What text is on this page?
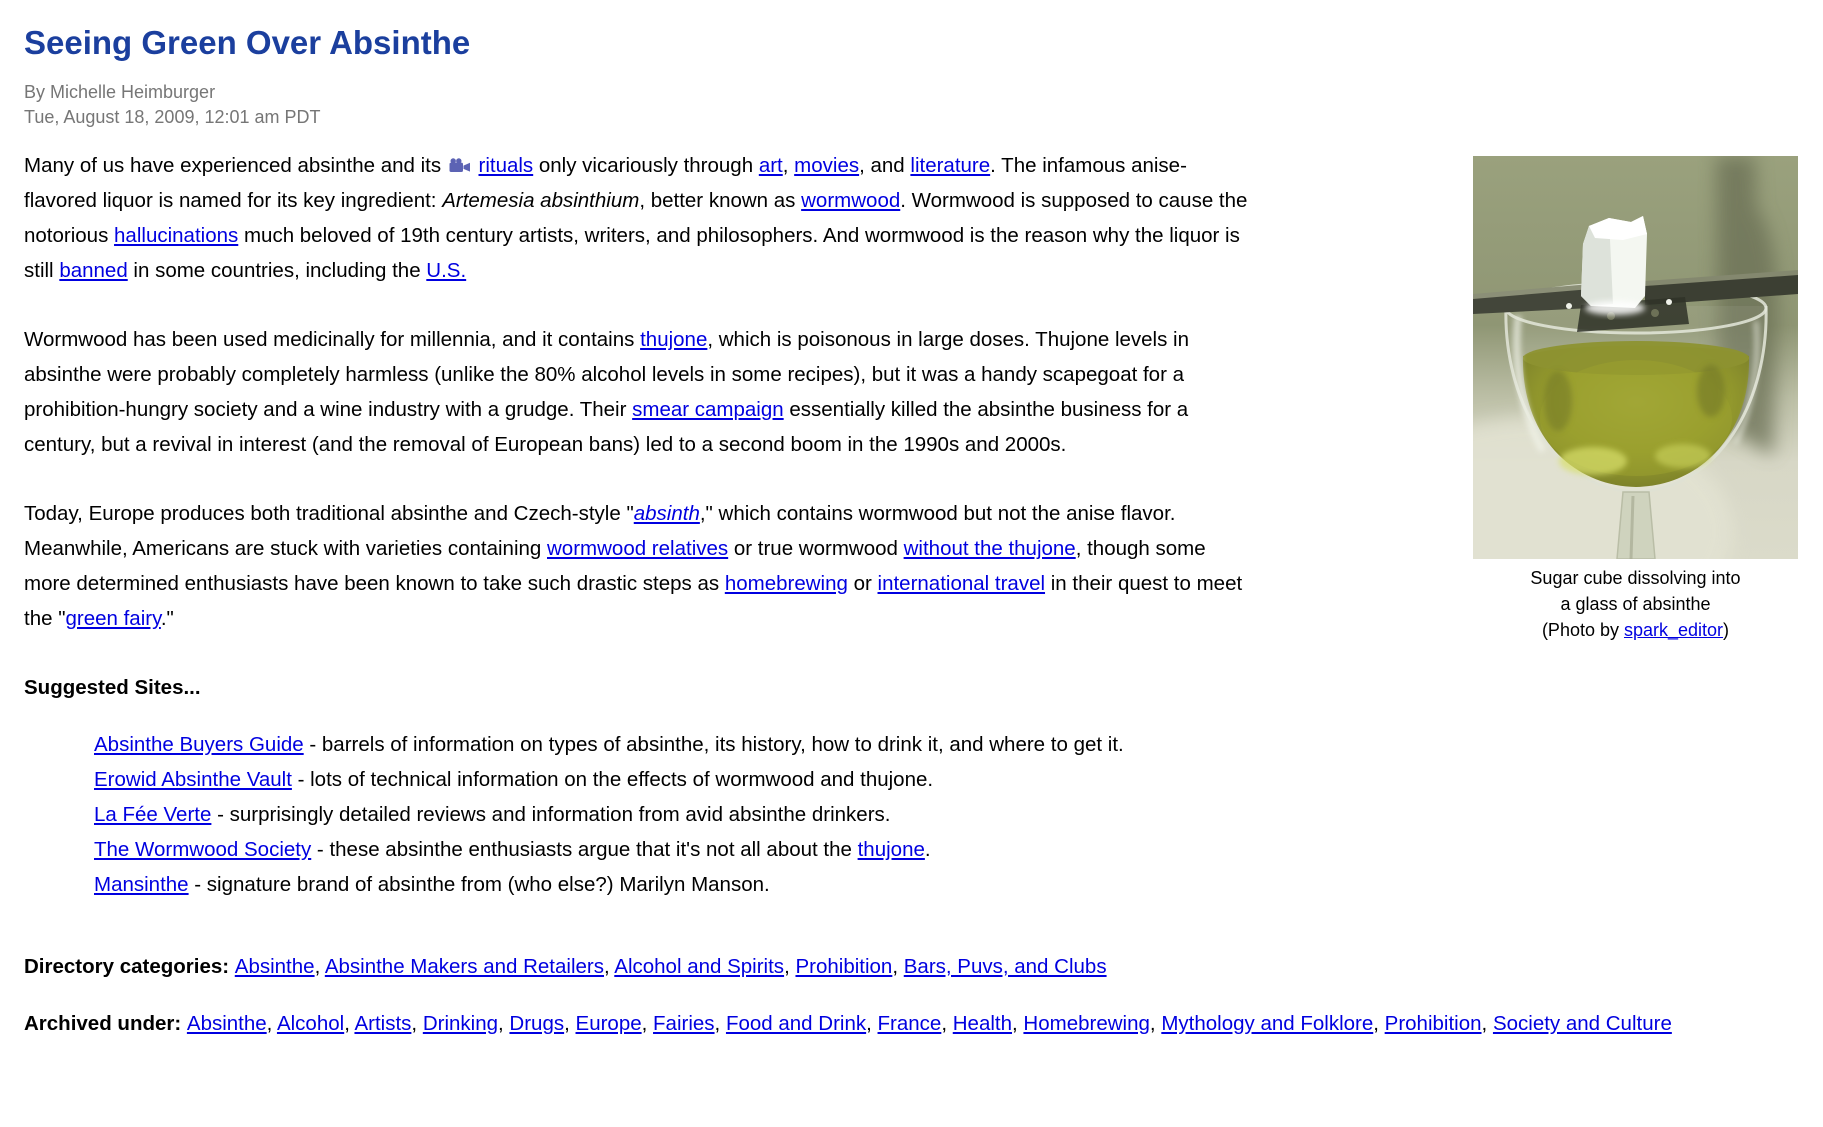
Seeing Green Over Absinthe
By Michelle Heimburger
Tue, August 18, 2009, 12:01 am PDT
Sugar cube dissolving into
a glass of absinthe
(Photo by spark_editor)

Many of us have experienced absinthe and its  rituals only vicariously through art, movies, and literature. The infamous anise-flavored liquor is named for its key ingredient: Artemesia absinthium, better known as wormwood. Wormwood is supposed to cause the notorious hallucinations much beloved of 19th century artists, writers, and philosophers. And wormwood is the reason why the liquor is still banned in some countries, including the U.S.

Wormwood has been used medicinally for millennia, and it contains thujone, which is poisonous in large doses. Thujone levels in absinthe were probably completely harmless (unlike the 80% alcohol levels in some recipes), but it was a handy scapegoat for a prohibition-hungry society and a wine industry with a grudge. Their smear campaign essentially killed the absinthe business for a century, but a revival in interest (and the removal of European bans) led to a second boom in the 1990s and 2000s.

Today, Europe produces both traditional absinthe and Czech-style "absinth," which contains wormwood but not the anise flavor. Meanwhile, Americans are stuck with varieties containing wormwood relatives or true wormwood without the thujone, though some more determined enthusiasts have been known to take such drastic steps as homebrewing or international travel in their quest to meet the "green fairy."

Suggested Sites...
Absinthe Buyers Guide - barrels of information on types of absinthe, its history, how to drink it, and where to get it.
Erowid Absinthe Vault - lots of technical information on the effects of wormwood and thujone.
La Fée Verte - surprisingly detailed reviews and information from avid absinthe drinkers.
The Wormwood Society - these absinthe enthusiasts argue that it's not all about the thujone.
Mansinthe - signature brand of absinthe from (who else?) Marilyn Manson.

Directory categories: Absinthe, Absinthe Makers and Retailers, Alcohol and Spirits, Prohibition, Bars, Puvs, and Clubs

Archived under: Absinthe, Alcohol, Artists, Drinking, Drugs, Europe, Fairies, Food and Drink, France, Health, Homebrewing, Mythology and Folklore, Prohibition, Society and Culture
